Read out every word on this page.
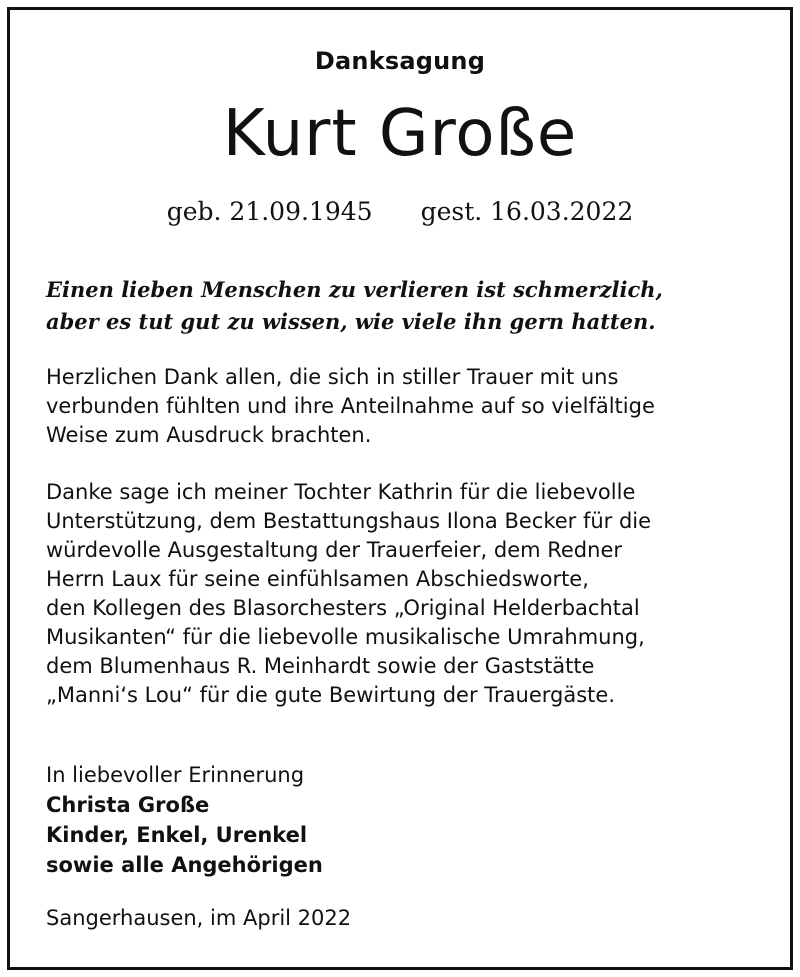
Danksagung
Kurt Große
geb. 21.09.1945 gest. 16.03.2022
Einen lieben Menschen zu verlieren ist schmerzlich,
aber es tut gut zu wissen, wie viele ihn gern hatten.
Herzlichen Dank allen, die sich in stiller Trauer mit uns
verbunden fühlten und ihre Anteilnahme auf so vielfältige
Weise zum Ausdruck brachten.
Danke sage ich meiner Tochter Kathrin für die liebevolle
Unterstützung, dem Bestattungshaus Ilona Becker für die
würdevolle Ausgestaltung der Trauerfeier, dem Redner
Herrn Laux für seine einfühlsamen Abschiedsworte,
den Kollegen des Blasorchesters „Original Helderbachtal
Musikanten“ für die liebevolle musikalische Umrahmung,
dem Blumenhaus R. Meinhardt sowie der Gaststätte
„Manni‘s Lou“ für die gute Bewirtung der Trauergäste.
In liebevoller Erinnerung
Christa Große
Kinder, Enkel, Urenkel
sowie alle Angehörigen
Sangerhausen, im April 2022
